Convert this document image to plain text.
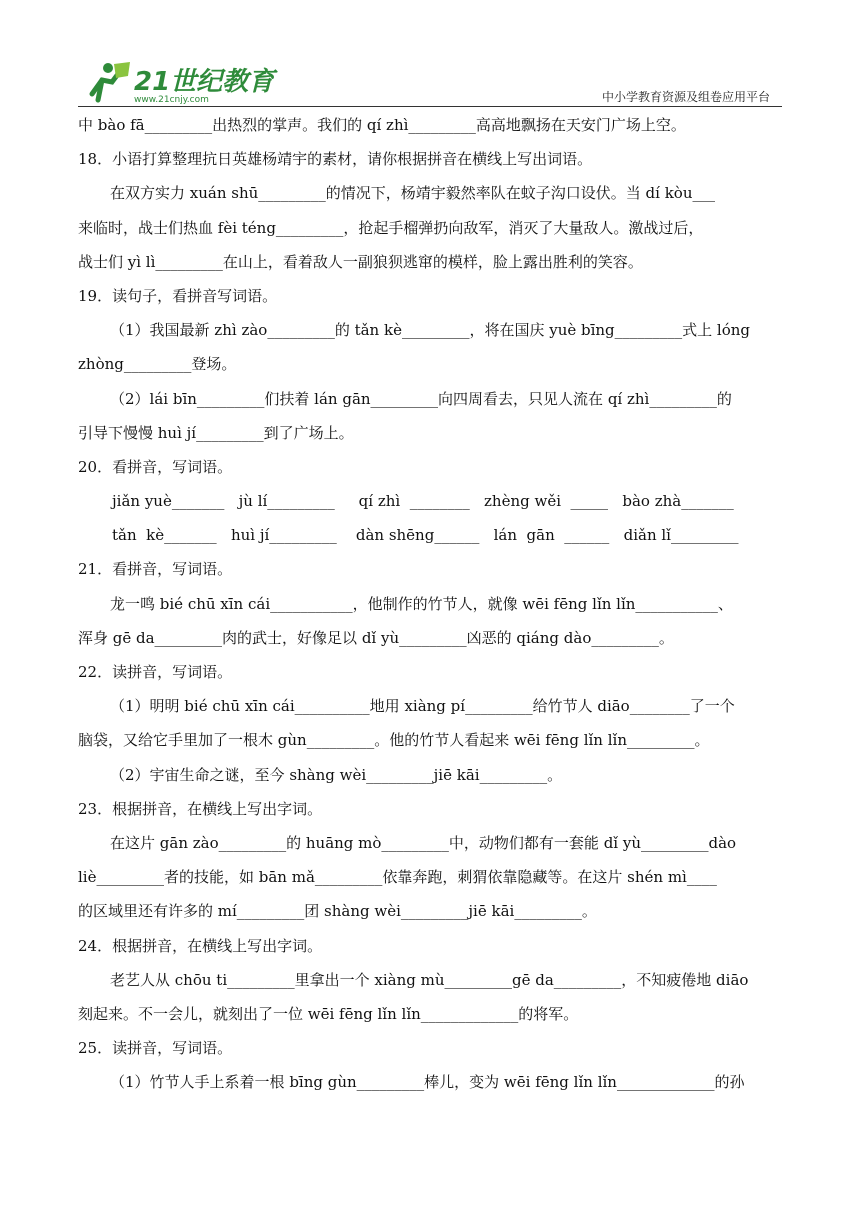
21世纪教育
www.21cnjy.com	中小学教育资源及组卷应用平台
中 bào fā_________出热烈的掌声。我们的 qí zhì_________高高地飘扬在天安门广场上空。
18．小语打算整理抗日英雄杨靖宇的素材，请你根据拼音在横线上写出词语。
在双方实力 xuán shū_________的情况下，杨靖宇毅然率队在蚊子沟口设伏。当 dí kòu___
来临时，战士们热血 fèi téng_________，抢起手榴弹扔向敌军，消灭了大量敌人。激战过后，
战士们 yì lì_________在山上，看着敌人一副狼狈逃窜的模样，脸上露出胜利的笑容。
19．读句子，看拼音写词语。
（1）我国最新 zhì zào_________的 tǎn kè_________，将在国庆 yuè bīng_________式上 lóng
zhòng_________登场。
（2）lái bīn_________们扶着 lán gān_________向四周看去，只见人流在 qí zhì_________的
引导下慢慢 huì jí_________到了广场上。
20．看拼音，写词语。
jiǎn yuè_______   jù lí_________     qí zhì  ________   zhèng wěi  _____   bào zhà_______
tǎn  kè_______   huì jí_________    dàn shēng______   lán  gān  ______   diǎn lǐ_________
21．看拼音，写词语。
龙一鸣 bié chū xīn cái___________，他制作的竹节人，就像 wēi fēng lǐn lǐn___________、
浑身 gē da_________肉的武士，好像足以 dǐ yù_________凶恶的 qiáng dào_________。
22．读拼音，写词语。
（1）明明 bié chū xīn cái__________地用 xiàng pí_________给竹节人 diāo________了一个
脑袋，又给它手里加了一根木 gùn_________。他的竹节人看起来 wēi fēng lǐn lǐn_________。
（2）宇宙生命之谜，至今 shàng wèi_________jiē kāi_________。
23．根据拼音，在横线上写出字词。
在这片 gān zào_________的 huāng mò_________中，动物们都有一套能 dǐ yù_________dào
liè_________者的技能，如 bān mǎ_________依靠奔跑，刺猬依靠隐藏等。在这片 shén mì____
的区域里还有许多的 mí_________团 shàng wèi_________jiē kāi_________。
24．根据拼音，在横线上写出字词。
老艺人从 chōu ti_________里拿出一个 xiàng mù_________gē da_________，不知疲倦地 diāo
刻起来。不一会儿，就刻出了一位 wēi fēng lǐn lǐn_____________的将军。
25．读拼音，写词语。
（1）竹节人手上系着一根 bīng gùn_________棒儿，变为 wēi fēng lǐn lǐn_____________的孙
